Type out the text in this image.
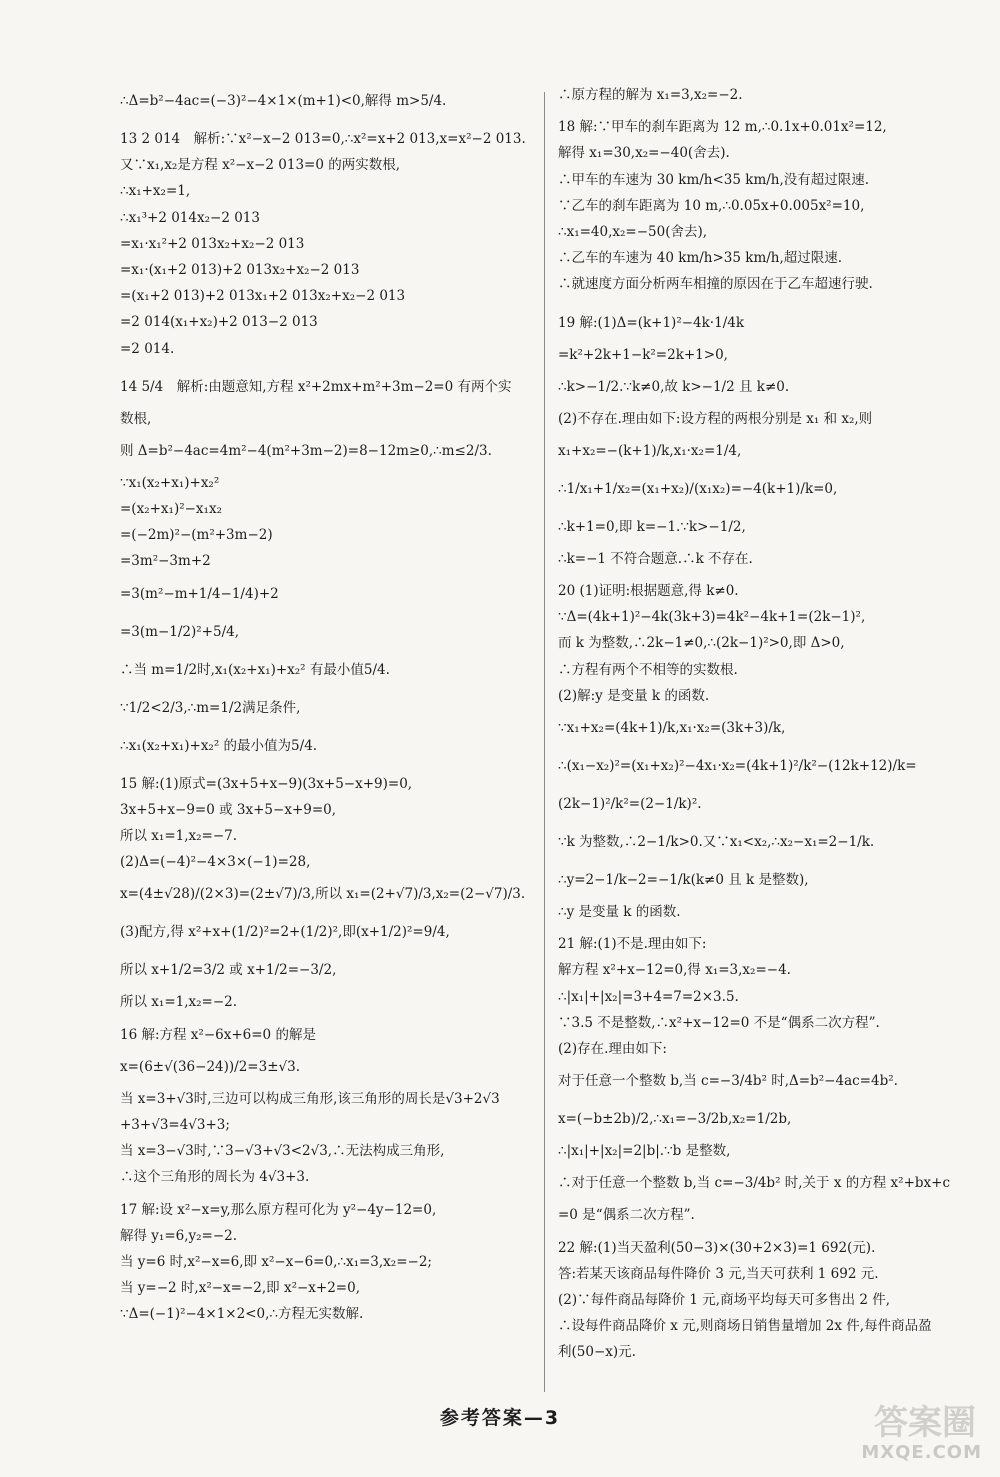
∴Δ=b²−4ac=(−3)²−4×1×(m+1)<0,解得 m>5/4.
13 2 014　解析:∵x²−x−2 013=0,∴x²=x+2 013,x=x²−2 013.
又∵x₁,x₂是方程 x²−x−2 013=0 的两实数根,
∴x₁+x₂=1,
∴x₁³+2 014x₂−2 013
=x₁·x₁²+2 013x₂+x₂−2 013
=x₁·(x₁+2 013)+2 013x₂+x₂−2 013
=(x₁+2 013)+2 013x₁+2 013x₂+x₂−2 013
=2 014(x₁+x₂)+2 013−2 013
=2 014.
14 5/4　解析:由题意知,方程 x²+2mx+m²+3m−2=0 有两个实
数根,
则 Δ=b²−4ac=4m²−4(m²+3m−2)=8−12m≥0,∴m≤2/3.
∵x₁(x₂+x₁)+x₂²
=(x₂+x₁)²−x₁x₂
=(−2m)²−(m²+3m−2)
=3m²−3m+2
=3(m²−m+1/4−1/4)+2
=3(m−1/2)²+5/4,
∴当 m=1/2时,x₁(x₂+x₁)+x₂² 有最小值5/4.
∵1/2<2/3,∴m=1/2满足条件,
∴x₁(x₂+x₁)+x₂² 的最小值为5/4.
15 解:(1)原式=(3x+5+x−9)(3x+5−x+9)=0,
3x+5+x−9=0 或 3x+5−x+9=0,
所以 x₁=1,x₂=−7.
(2)Δ=(−4)²−4×3×(−1)=28,
x=(4±√28)/(2×3)=(2±√7)/3,所以 x₁=(2+√7)/3,x₂=(2−√7)/3.
(3)配方,得 x²+x+(1/2)²=2+(1/2)²,即(x+1/2)²=9/4,
所以 x+1/2=3/2 或 x+1/2=−3/2,
所以 x₁=1,x₂=−2.
16 解:方程 x²−6x+6=0 的解是
x=(6±√(36−24))/2=3±√3.
当 x=3+√3时,三边可以构成三角形,该三角形的周长是√3+2√3
+3+√3=4√3+3;
当 x=3−√3时,∵3−√3+√3<2√3,∴无法构成三角形,
∴这个三角形的周长为 4√3+3.
17 解:设 x²−x=y,那么原方程可化为 y²−4y−12=0,
解得 y₁=6,y₂=−2.
当 y=6 时,x²−x=6,即 x²−x−6=0,∴x₁=3,x₂=−2;
当 y=−2 时,x²−x=−2,即 x²−x+2=0,
∵Δ=(−1)²−4×1×2<0,∴方程无实数解.
∴原方程的解为 x₁=3,x₂=−2.
18 解:∵甲车的刹车距离为 12 m,∴0.1x+0.01x²=12,
解得 x₁=30,x₂=−40(舍去).
∴甲车的车速为 30 km/h<35 km/h,没有超过限速.
∵乙车的刹车距离为 10 m,∴0.05x+0.005x²=10,
∴x₁=40,x₂=−50(舍去),
∴乙车的车速为 40 km/h>35 km/h,超过限速.
∴就速度方面分析两车相撞的原因在于乙车超速行驶.
19 解:(1)Δ=(k+1)²−4k·1/4k
=k²+2k+1−k²=2k+1>0,
∴k>−1/2.∵k≠0,故 k>−1/2 且 k≠0.
(2)不存在.理由如下:设方程的两根分别是 x₁ 和 x₂,则
x₁+x₂=−(k+1)/k,x₁·x₂=1/4,
∴1/x₁+1/x₂=(x₁+x₂)/(x₁x₂)=−4(k+1)/k=0,
∴k+1=0,即 k=−1.∵k>−1/2,
∴k=−1 不符合题意.∴k 不存在.
20 (1)证明:根据题意,得 k≠0.
∵Δ=(4k+1)²−4k(3k+3)=4k²−4k+1=(2k−1)²,
而 k 为整数,∴2k−1≠0,∴(2k−1)²>0,即 Δ>0,
∴方程有两个不相等的实数根.
(2)解:y 是变量 k 的函数.
∵x₁+x₂=(4k+1)/k,x₁·x₂=(3k+3)/k,
∴(x₁−x₂)²=(x₁+x₂)²−4x₁·x₂=(4k+1)²/k²−(12k+12)/k=
(2k−1)²/k²=(2−1/k)².
∵k 为整数,∴2−1/k>0.又∵x₁<x₂,∴x₂−x₁=2−1/k.
∴y=2−1/k−2=−1/k(k≠0 且 k 是整数),
∴y 是变量 k 的函数.
21 解:(1)不是.理由如下:
解方程 x²+x−12=0,得 x₁=3,x₂=−4.
∴|x₁|+|x₂|=3+4=7=2×3.5.
∵3.5 不是整数,∴x²+x−12=0 不是“偶系二次方程”.
(2)存在.理由如下:
对于任意一个整数 b,当 c=−3/4b² 时,Δ=b²−4ac=4b².
x=(−b±2b)/2,∴x₁=−3/2b,x₂=1/2b,
∴|x₁|+|x₂|=2|b|.∵b 是整数,
∴对于任意一个整数 b,当 c=−3/4b² 时,关于 x 的方程 x²+bx+c
=0 是“偶系二次方程”.
22 解:(1)当天盈利(50−3)×(30+2×3)=1 692(元).
答:若某天该商品每件降价 3 元,当天可获利 1 692 元.
(2)∵每件商品每降价 1 元,商场平均每天可多售出 2 件,
∴设每件商品降价 x 元,则商场日销售量增加 2x 件,每件商品盈
利(50−x)元.
参考答案—3	答案圈
MXQE.COM
